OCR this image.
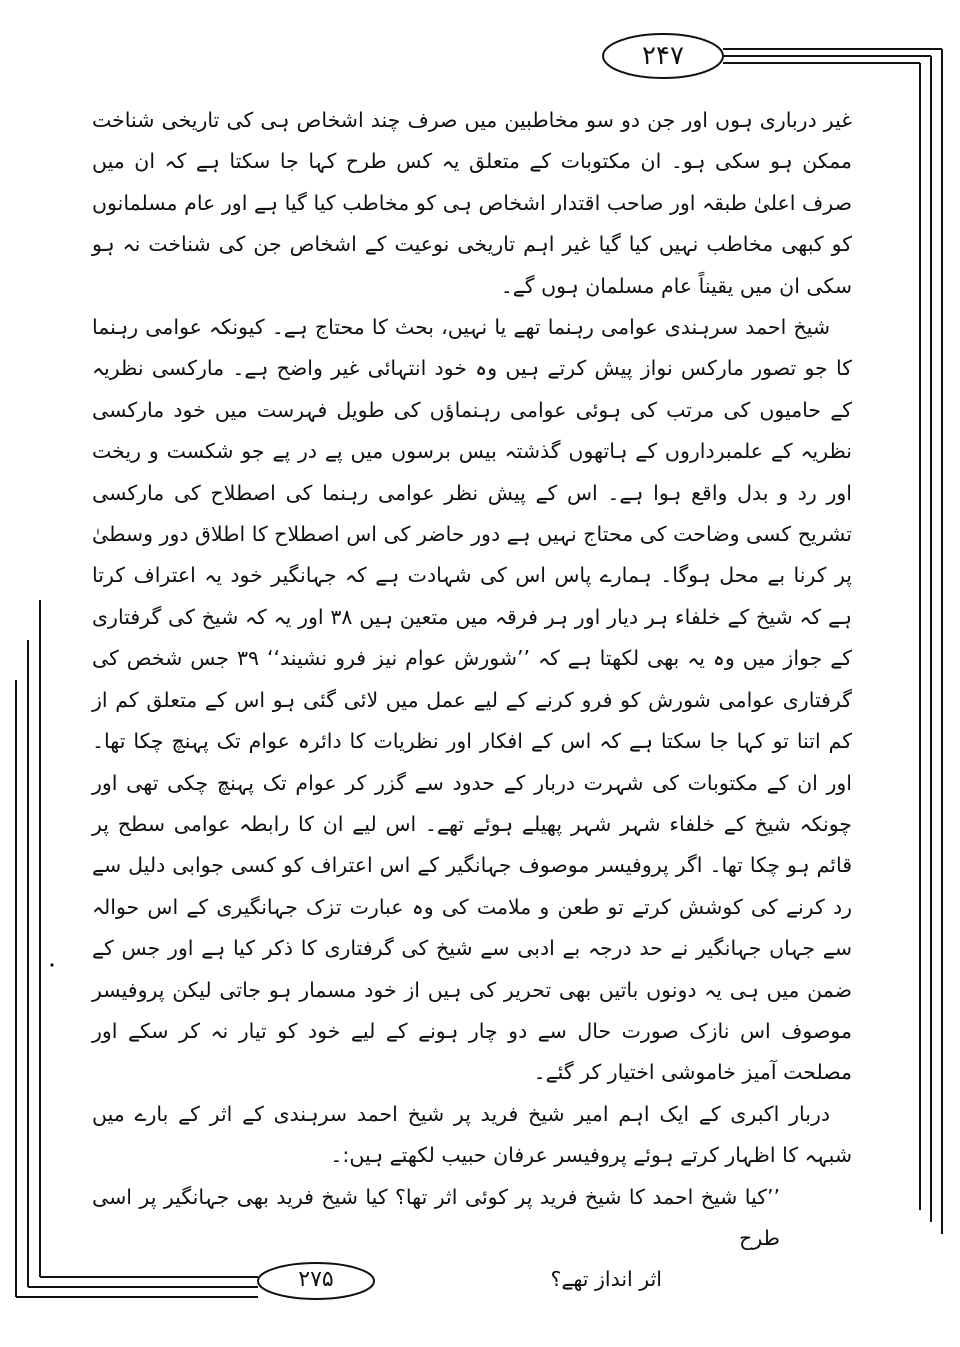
۲۴۷
۲۷۵

غیر درباری ہوں اور جن دو سو مخاطبین میں صرف چند اشخاص ہی کی تاریخی شناخت ممکن ہو سکی ہو۔ ان مکتوبات کے متعلق یہ کس طرح کہا جا سکتا ہے کہ ان میں صرف اعلیٰ طبقہ اور صاحب اقتدار اشخاص ہی کو مخاطب کیا گیا ہے اور عام مسلمانوں کو کبھی مخاطب نہیں کیا گیا غیر اہم تاریخی نوعیت کے اشخاص جن کی شناخت نہ ہو سکی ان میں یقیناً عام مسلمان ہوں گے۔

شیخ احمد سرہندی عوامی رہنما تھے یا نہیں، بحث کا محتاج ہے۔ کیونکہ عوامی رہنما کا جو تصور مارکس نواز پیش کرتے ہیں وہ خود انتہائی غیر واضح ہے۔ مارکسی نظریہ کے حامیوں کی مرتب کی ہوئی عوامی رہنماؤں کی طویل فہرست میں خود مارکسی نظریہ کے علمبرداروں کے ہاتھوں گذشتہ بیس برسوں میں پے در پے جو شکست و ریخت اور رد و بدل واقع ہوا ہے۔ اس کے پیش نظر عوامی رہنما کی اصطلاح کی مارکسی تشریح کسی وضاحت کی محتاج نہیں ہے دور حاضر کی اس اصطلاح کا اطلاق دور وسطیٰ پر کرنا بے محل ہوگا۔ ہمارے پاس اس کی شہادت ہے کہ جہانگیر خود یہ اعتراف کرتا ہے کہ شیخ کے خلفاء ہر دیار اور ہر فرقہ میں متعین ہیں ۳۸ اور یہ کہ شیخ کی گرفتاری کے جواز میں وہ یہ بھی لکھتا ہے کہ ’’شورش عوام نیز فرو نشیند‘‘ ۳۹ جس شخص کی گرفتاری عوامی شورش کو فرو کرنے کے لیے عمل میں لائی گئی ہو اس کے متعلق کم از کم اتنا تو کہا جا سکتا ہے کہ اس کے افکار اور نظریات کا دائرہ عوام تک پہنچ چکا تھا۔ اور ان کے مکتوبات کی شہرت دربار کے حدود سے گزر کر عوام تک پہنچ چکی تھی اور چونکہ شیخ کے خلفاء شہر شہر پھیلے ہوئے تھے۔ اس لیے ان کا رابطہ عوامی سطح پر قائم ہو چکا تھا۔ اگر پروفیسر موصوف جہانگیر کے اس اعتراف کو کسی جوابی دلیل سے رد کرنے کی کوشش کرتے تو طعن و ملامت کی وہ عبارت تزک جہانگیری کے اس حوالہ سے جہاں جہانگیر نے حد درجہ بے ادبی سے شیخ کی گرفتاری کا ذکر کیا ہے اور جس کے ضمن میں ہی یہ دونوں باتیں بھی تحریر کی ہیں از خود مسمار ہو جاتی لیکن پروفیسر موصوف اس نازک صورت حال سے دو چار ہونے کے لیے خود کو تیار نہ کر سکے اور مصلحت آمیز خاموشی اختیار کر گئے۔

دربار اکبری کے ایک اہم امیر شیخ فرید پر شیخ احمد سرہندی کے اثر کے بارے میں شبہہ کا اظہار کرتے ہوئے پروفیسر عرفان حبیب لکھتے ہیں:۔

’’کیا شیخ احمد کا شیخ فرید پر کوئی اثر تھا؟ کیا شیخ فرید بھی جہانگیر پر اسی طرح

اثر انداز تھے؟
